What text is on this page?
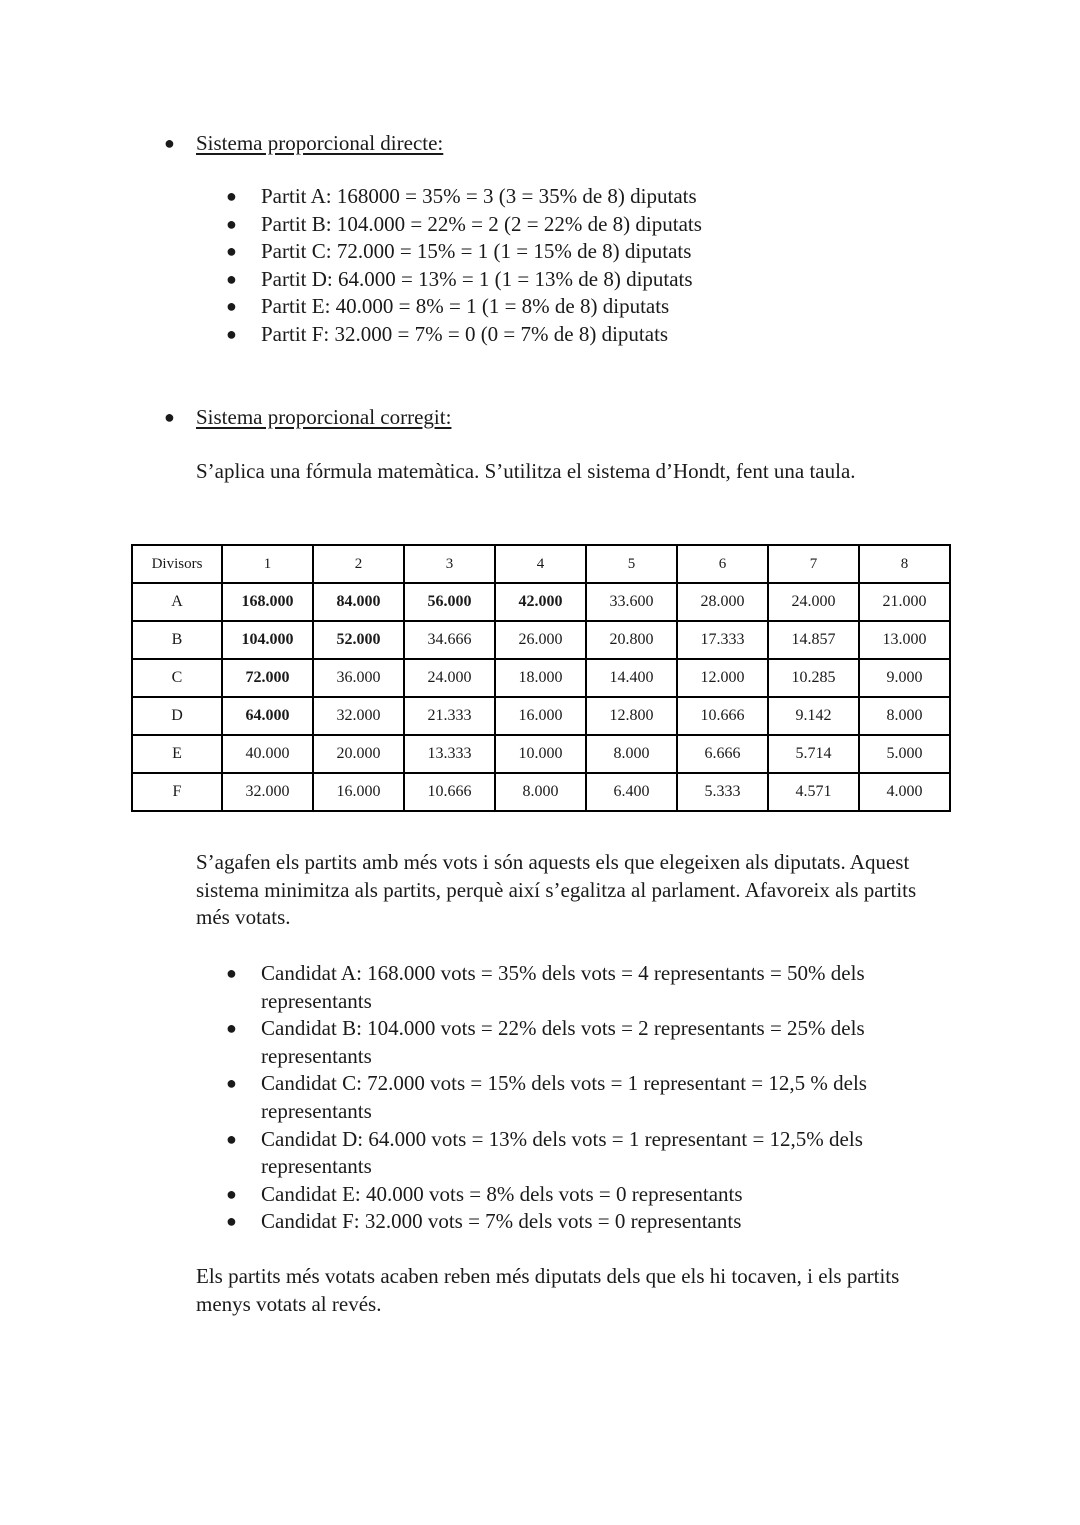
● Sistema proporcional directe:
● Partit A: 168000 = 35% = 3 (3 = 35% de 8) diputats
● Partit B: 104.000 = 22% = 2 (2 = 22% de 8) diputats
● Partit C: 72.000 = 15% = 1 (1 = 15% de 8) diputats
● Partit D: 64.000 = 13% = 1 (1 = 13% de 8) diputats
● Partit E: 40.000 = 8% = 1 (1 = 8% de 8) diputats
● Partit F: 32.000 = 7% = 0 (0 = 7% de 8) diputats
● Sistema proporcional corregit:

S’aplica una fórmula matemàtica. S’utilitza el sistema d’Hondt, fent una taula.

Divisors	1	2	3	4	5	6	7	8
A	168.000	84.000	56.000	42.000	33.600	28.000	24.000	21.000
B	104.000	52.000	34.666	26.000	20.800	17.333	14.857	13.000
C	72.000	36.000	24.000	18.000	14.400	12.000	10.285	9.000
D	64.000	32.000	21.333	16.000	12.800	10.666	9.142	8.000
E	40.000	20.000	13.333	10.000	8.000	6.666	5.714	5.000
F	32.000	16.000	10.666	8.000	6.400	5.333	4.571	4.000

S’agafen els partits amb més vots i són aquests els que elegeixen als diputats. Aquest sistema minimitza als partits, perquè així s’egalitza al parlament. Afavoreix als partits més votats.

● Candidat A: 168.000 vots = 35% dels vots = 4 representants = 50% dels representants
● Candidat B: 104.000 vots = 22% dels vots = 2 representants = 25% dels representants
● Candidat C: 72.000 vots = 15% dels vots = 1 representant = 12,5 % dels representants
● Candidat D: 64.000 vots = 13% dels vots = 1 representant = 12,5% dels representants
● Candidat E: 40.000 vots = 8% dels vots = 0 representants
● Candidat F: 32.000 vots = 7% dels vots = 0 representants

Els partits més votats acaben reben més diputats dels que els hi tocaven, i els partits menys votats al revés.
